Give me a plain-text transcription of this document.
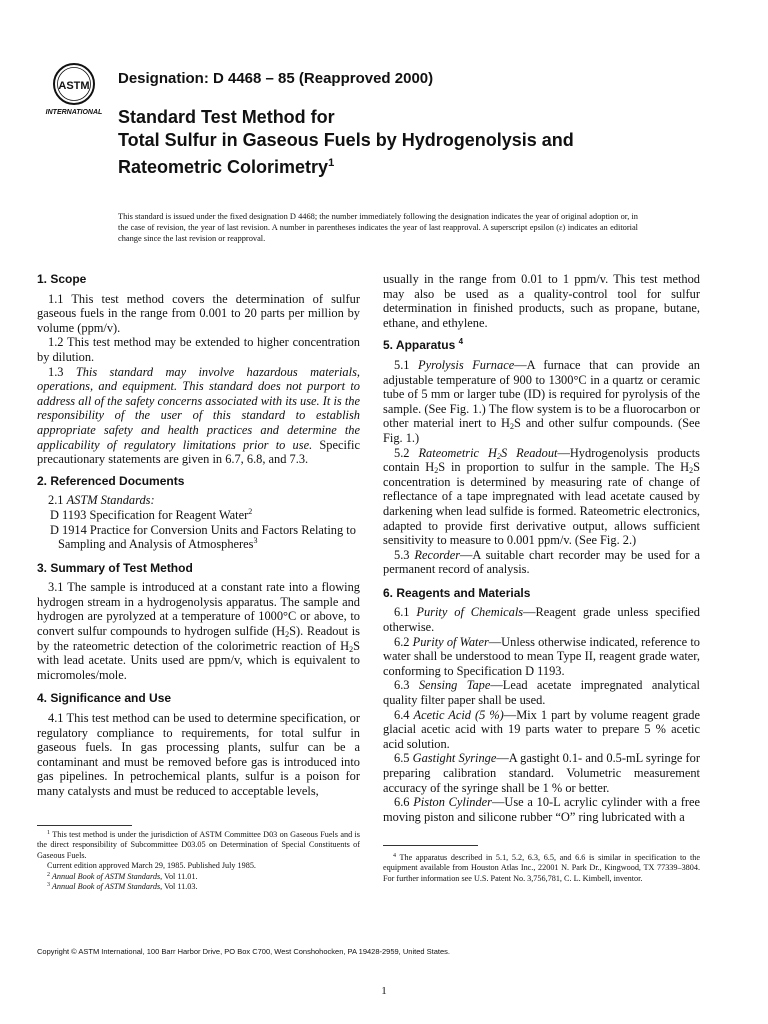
ASTM
INTERNATIONAL
Designation: D 4468 – 85 (Reapproved 2000)
Standard Test Method for
Total Sulfur in Gaseous Fuels by Hydrogenolysis and
Rateometric Colorimetry$^1$
This standard is issued under the fixed designation D 4468; the number immediately following the designation indicates the year of original adoption or, in the case of revision, the year of last revision. A number in parentheses indicates the year of last reapproval. A superscript epsilon (ε) indicates an editorial change since the last revision or reapproval.
1. Scope

1.1 This test method covers the determination of sulfur gaseous fuels in the range from 0.001 to 20 parts per million by volume (ppm/v).

1.2 This test method may be extended to higher concentration by dilution.

1.3 This standard may involve hazardous materials, operations, and equipment. This standard does not purport to address all of the safety concerns associated with its use. It is the responsibility of the user of this standard to establish appropriate safety and health practices and determine the applicability of regulatory limitations prior to use. Specific precautionary statements are given in 6.7, 6.8, and 7.3.

2. Referenced Documents

2.1 ASTM Standards:

D 1193 Specification for Reagent Water$^2$

D 1914 Practice for Conversion Units and Factors Relating to Sampling and Analysis of Atmospheres$^3$

3. Summary of Test Method

3.1 The sample is introduced at a constant rate into a flowing hydrogen stream in a hydrogenolysis apparatus. The sample and hydrogen are pyrolyzed at a temperature of 1000°C or above, to convert sulfur compounds to hydrogen sulfide $(H_2S)$. Readout is by the rateometric detection of the colorimetric reaction of $H_2S$ with lead acetate. Units used are ppm/v, which is equivalent to micromoles/mole.

4. Significance and Use

4.1 This test method can be used to determine specification, or regulatory compliance to requirements, for total sulfur in gaseous fuels. In gas processing plants, sulfur can be a contaminant and must be removed before gas is introduced into gas pipelines. In petrochemical plants, sulfur is a poison for many catalysts and must be reduced to acceptable levels,

usually in the range from 0.01 to 1 ppm/v. This test method may also be used as a quality-control tool for sulfur determination in finished products, such as propane, butane, ethane, and ethylene.

5. Apparatus $^4$

5.1 Pyrolysis Furnace—A furnace that can provide an adjustable temperature of 900 to 1300°C in a quartz or ceramic tube of 5 mm or larger tube (ID) is required for pyrolysis of the sample. (See Fig. 1.) The flow system is to be a fluorocarbon or other material inert to $H_2S$ and other sulfur compounds. (See Fig. 1.)

5.2 Rateometric $H_2S$ Readout—Hydrogenolysis products contain $H_2S$ in proportion to sulfur in the sample. The $H_2S$ concentration is determined by measuring rate of change of reflectance of a tape impregnated with lead acetate caused by darkening when lead sulfide is formed. Rateometric electronics, adapted to provide first derivative output, allows sufficient sensitivity to measure to 0.001 ppm/v. (See Fig. 2.)

5.3 Recorder—A suitable chart recorder may be used for a permanent record of analysis.

6. Reagents and Materials

6.1 Purity of Chemicals—Reagent grade unless specified otherwise.

6.2 Purity of Water—Unless otherwise indicated, reference to water shall be understood to mean Type II, reagent grade water, conforming to Specification D 1193.

6.3 Sensing Tape—Lead acetate impregnated analytical quality filter paper shall be used.

6.4 Acetic Acid (5 %)—Mix 1 part by volume reagent grade glacial acetic acid with 19 parts water to prepare 5 % acetic acid solution.

6.5 Gastight Syringe—A gastight 0.1- and 0.5-mL syringe for preparing calibration standard. Volumetric measurement accuracy of the syringe shall be 1 % or better.

6.6 Piston Cylinder—Use a 10-L acrylic cylinder with a free moving piston and silicone rubber “O” ring lubricated with a

$^1$ This test method is under the jurisdiction of ASTM Committee D03 on Gaseous Fuels and is the direct responsibility of Subcommittee D03.05 on Determination of Special Constituents of Gaseous Fuels.

Current edition approved March 29, 1985. Published July 1985.

$^2$ Annual Book of ASTM Standards, Vol 11.01.

$^3$ Annual Book of ASTM Standards, Vol 11.03.

$^4$ The apparatus described in 5.1, 5.2, 6.3, 6.5, and 6.6 is similar in specification to the equipment available from Houston Atlas Inc., 22001 N. Park Dr., Kingwood, TX 77339–3804. For further information see U.S. Patent No. 3,756,781, C. L. Kimbell, inventor.

Copyright © ASTM International, 100 Barr Harbor Drive, PO Box C700, West Conshohocken, PA 19428-2959, United States.
1
